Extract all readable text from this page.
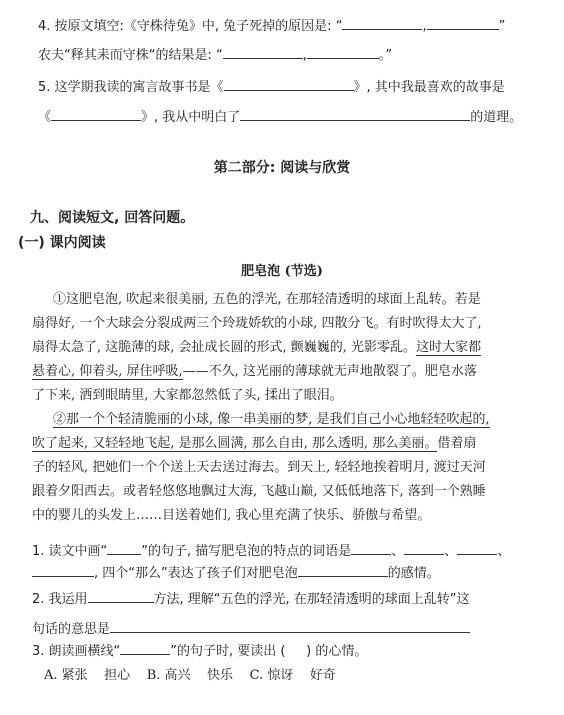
4. 按原文填空:《守株待兔》中, 兔子死掉的原因是: “	,	”
农夫“释其耒而守株“的结果是: “	,	。”
5. 这学期我读的寓言故事书是《	》, 其中我最喜欢的故事是
《	》, 我从中明白了	的道理。
第二部分: 阅读与欣赏
九、阅读短文, 回答问题。
(一) 课内阅读
肥皂泡 (节选)
①这肥皂泡, 吹起来很美丽, 五色的浮光, 在那轻清透明的球面上乱转。若是
扇得好, 一个大球会分裂成两三个玲珑娇软的小球, 四散分飞。有时吹得太大了,
扇得太急了, 这脆薄的球, 会扯成长圆的形式, 颤巍巍的, 光影零乱。这时大家都
悬着心, 仰着头, 屏住呼吸,——不久, 这光丽的薄球就无声地散裂了。肥皂水落
了下来, 洒到眼睛里, 大家都忽然低了头, 揉出了眼泪。
②那一个个轻清脆丽的小球, 像一串美丽的梦, 是我们自己小心地轻轻吹起的,
吹了起来, 又轻轻地飞起, 是那么圆满, 那么自由, 那么透明, 那么美丽。借着扇
子的轻风, 把她们一个个送上天去送过海去。到天上, 轻轻地挨着明月, 渡过天河
跟着夕阳西去。或者轻悠悠地飘过大海, 飞越山巅, 又低低地落下, 落到一个熟睡
中的婴儿的头发上……目送着她们, 我心里充满了快乐、骄傲与希望。
1. 读文中画“	”的句子, 描写肥皂泡的特点的词语是	、	、	、
, 四个“那么”表达了孩子们对肥皂泡	的感情。
2. 我运用	方法, 理解“五色的浮光, 在那轻清透明的球面上乱转”这
句话的意思是
3. 朗读画横线“	”的句子时, 要读出 ( ) 的心情。
A. 紧张    担心    B. 高兴    快乐    C. 惊讶    好奇
